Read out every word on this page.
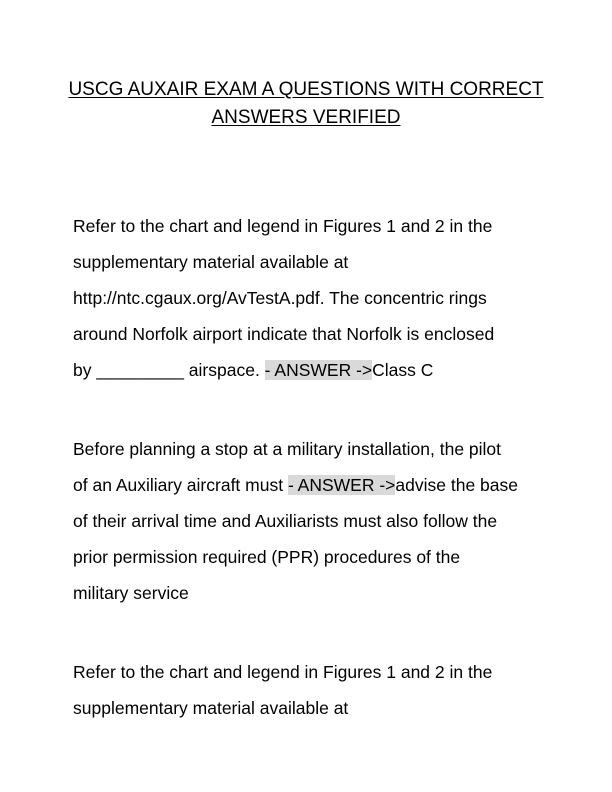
USCG AUXAIR EXAM A QUESTIONS WITH CORRECT
ANSWERS VERIFIED
Refer to the chart and legend in Figures 1 and 2 in the
supplementary material available at
http://ntc.cgaux.org/AvTestA.pdf. The concentric rings
around Norfolk airport indicate that Norfolk is enclosed
by _________ airspace. - ANSWER ->Class C
Before planning a stop at a military installation, the pilot
of an Auxiliary aircraft must - ANSWER ->advise the base
of their arrival time and Auxiliarists must also follow the
prior permission required (PPR) procedures of the
military service
Refer to the chart and legend in Figures 1 and 2 in the
supplementary material available at
